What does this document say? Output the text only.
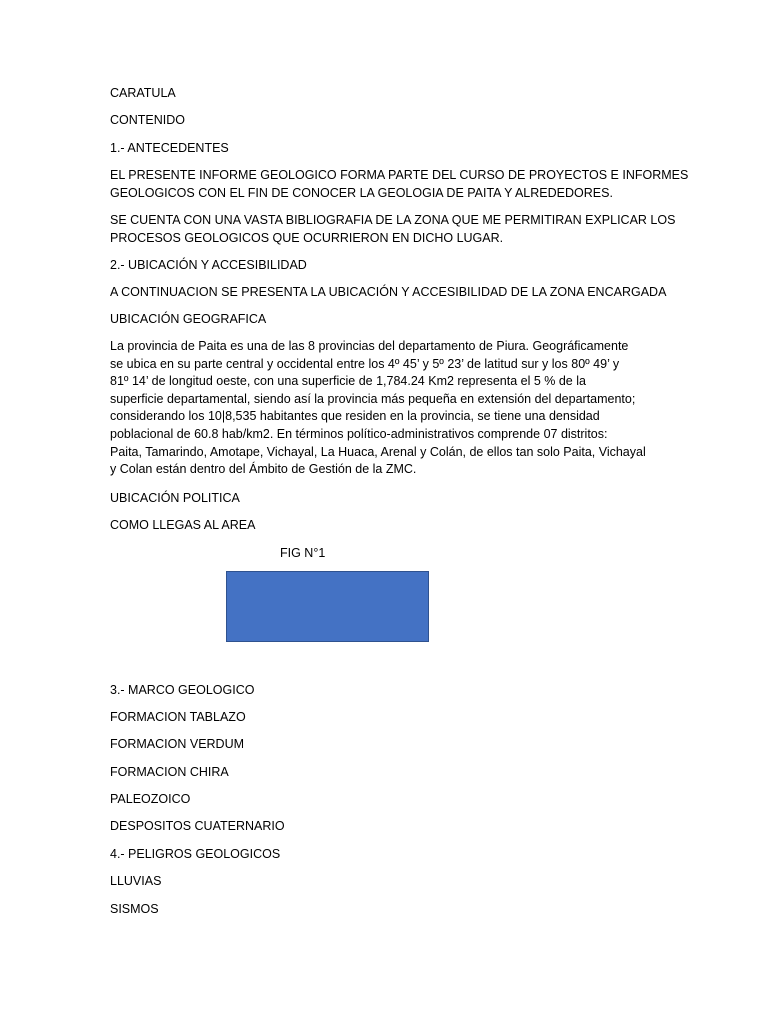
CARATULA
CONTENIDO
1.- ANTECEDENTES
EL PRESENTE INFORME GEOLOGICO FORMA PARTE DEL CURSO DE PROYECTOS E INFORMES
GEOLOGICOS CON EL FIN DE CONOCER LA GEOLOGIA DE PAITA Y ALREDEDORES.
SE CUENTA CON UNA VASTA BIBLIOGRAFIA DE LA ZONA QUE ME PERMITIRAN EXPLICAR LOS
PROCESOS GEOLOGICOS QUE OCURRIERON EN DICHO LUGAR.
2.- UBICACIÓN Y ACCESIBILIDAD
A CONTINUACION SE PRESENTA LA UBICACIÓN Y ACCESIBILIDAD DE LA ZONA ENCARGADA
UBICACIÓN GEOGRAFICA
La provincia de Paita es una de las 8 provincias del departamento de Piura. Geográficamente
se ubica en su parte central y occidental entre los 4º 45’ y 5º 23’ de latitud sur y los 80º 49’ y
81º 14’ de longitud oeste, con una superficie de 1,784.24 Km2 representa el 5 % de la
superficie departamental, siendo así la provincia más pequeña en extensión del departamento;
considerando los 10|8,535 habitantes que residen en la provincia, se tiene una densidad
poblacional de 60.8 hab/km2. En términos político-administrativos comprende 07 distritos:
Paita, Tamarindo, Amotape, Vichayal, La Huaca, Arenal y Colán, de ellos tan solo Paita, Vichayal
y Colan están dentro del Ámbito de Gestión de la ZMC.
UBICACIÓN POLITICA
COMO LLEGAS AL AREA
FIG N°1
3.- MARCO GEOLOGICO
FORMACION TABLAZO
FORMACION VERDUM
FORMACION CHIRA
PALEOZOICO
DESPOSITOS CUATERNARIO
4.- PELIGROS GEOLOGICOS
LLUVIAS
SISMOS
